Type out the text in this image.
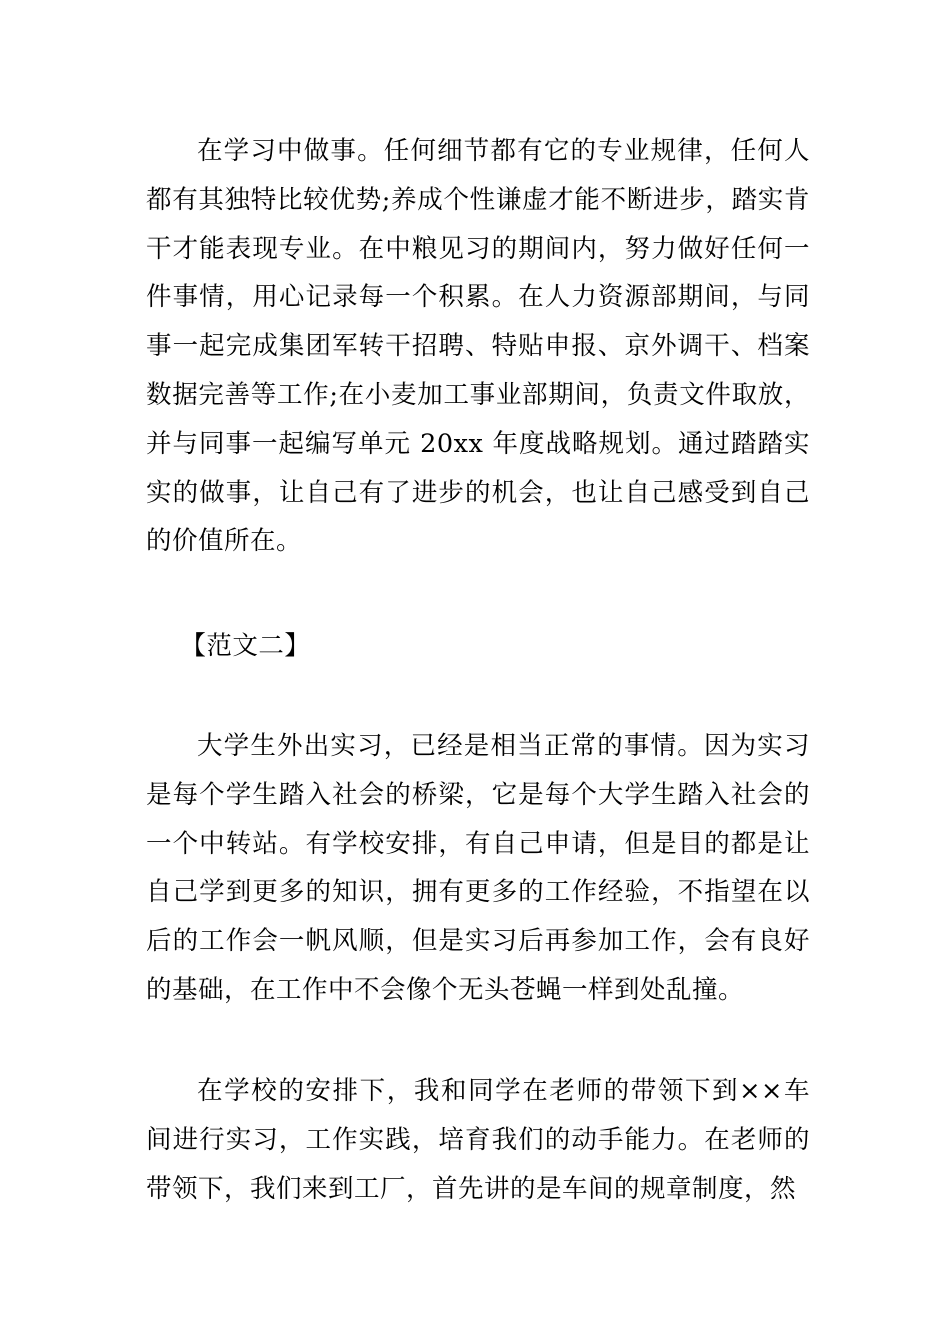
在学习中做事。任何细节都有它的专业规律，任何人都有其独特比较优势;养成个性谦虚才能不断进步，踏实肯干才能表现专业。在中粮见习的期间内，努力做好任何一件事情，用心记录每一个积累。在人力资源部期间，与同事一起完成集团军转干招聘、特贴申报、京外调干、档案数据完善等工作;在小麦加工事业部期间，负责文件取放，并与同事一起编写单元 20xx 年度战略规划。通过踏踏实实的做事，让自己有了进步的机会，也让自己感受到自己的价值所在。

【范文二】

大学生外出实习，已经是相当正常的事情。因为实习是每个学生踏入社会的桥梁，它是每个大学生踏入社会的一个中转站。有学校安排，有自己申请，但是目的都是让自己学到更多的知识，拥有更多的工作经验，不指望在以后的工作会一帆风顺，但是实习后再参加工作，会有良好的基础，在工作中不会像个无头苍蝇一样到处乱撞。

在学校的安排下，我和同学在老师的带领下到××车间进行实习，工作实践，培育我们的动手能力。在老师的带领下，我们来到工厂，首先讲的是车间的规章制度，然
